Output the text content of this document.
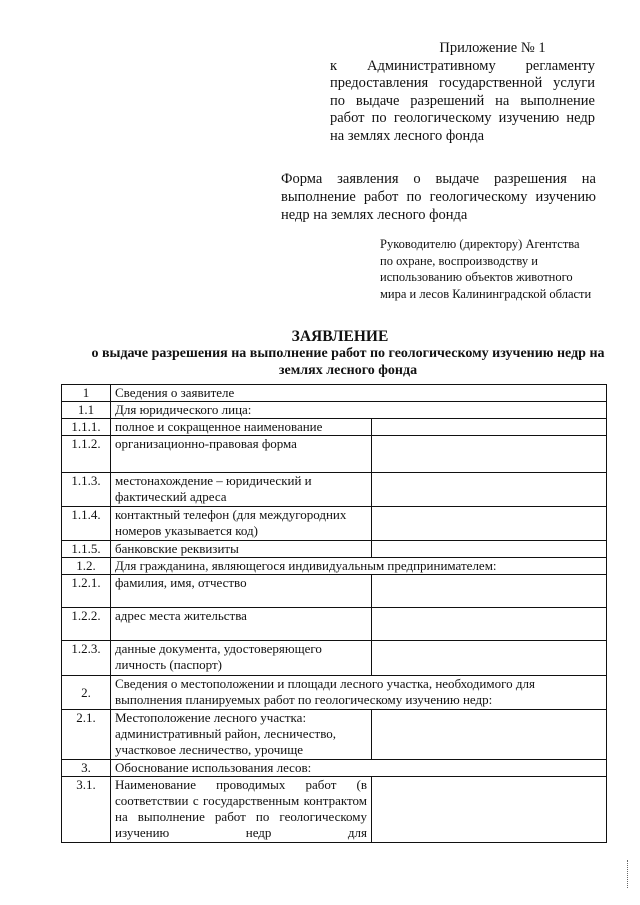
Приложение № 1
к Административному регламенту предоставления государственной услуги по выдаче разрешений на выполнение работ по геологическому изучению недр на землях лесного фонда
Форма заявления о выдаче разрешения на выполнение работ по геологическому изучению недр на землях лесного фонда
Руководителю (директору) Агентства по охране, воспроизводству и использованию объектов животного мира и лесов Калининградской области
ЗАЯВЛЕНИЕ
о выдаче разрешения на выполнение работ по геологическому изучению недр на землях лесного фонда
1	Сведения о заявителе	
1.1	Для юридического лица:	
1.1.1.	полное и сокращенное наименование	
1.1.2.	организационно-правовая форма	
1.1.3.	местонахождение – юридический и фактический адреса	
1.1.4.	контактный телефон (для междугородних номеров указывается код)	
1.1.5.	банковские реквизиты	
1.2.	Для гражданина, являющегося индивидуальным предпринимателем:	
1.2.1.	фамилия, имя, отчество	
1.2.2.	адрес места жительства	
1.2.3.	данные документа, удостоверяющего личность (паспорт)	
2.	Сведения о местоположении и площади лесного участка, необходимого для выполнения планируемых работ по геологическому изучению недр:	
2.1.	Местоположение лесного участка: административный район, лесничество, участковое лесничество, урочище	
3.	Обоснование использования лесов:	
3.1.	Наименование проводимых работ (в соответствии с государственным контрактом на выполнение работ по геологическому изучению недр для	
